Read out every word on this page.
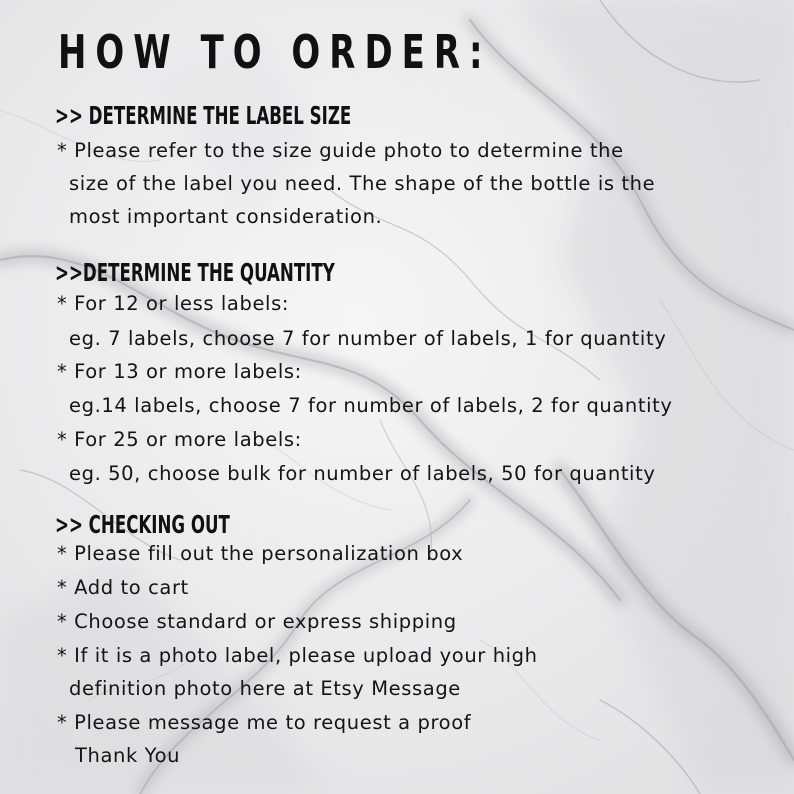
HOW TO ORDER:
>> DETERMINE THE LABEL SIZE
* Please refer to the size guide photo to determine the
size of the label you need. The shape of the bottle is the
most important consideration.
>>DETERMINE THE QUANTITY
* For 12 or less labels:
eg. 7 labels, choose 7 for number of labels, 1 for quantity
* For 13 or more labels:
eg.14 labels, choose 7 for number of labels, 2 for quantity
* For 25 or more labels:
eg. 50, choose bulk for number of labels, 50 for quantity
>> CHECKING OUT
* Please fill out the personalization box
* Add to cart
* Choose standard or express shipping
* If it is a photo label, please upload your high
definition photo here at Etsy Message
* Please message me to request a proof
Thank You
